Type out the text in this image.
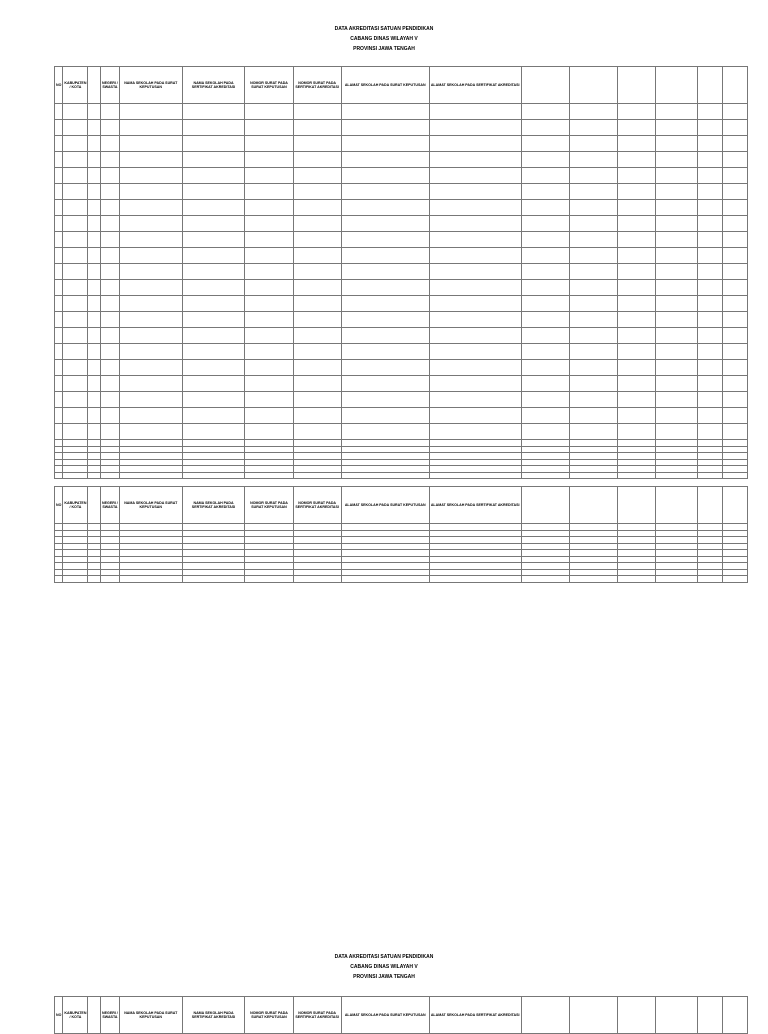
DATA AKREDITASI SATUAN PENDIDIKAN
CABANG DINAS WILAYAH V
PROVINSI JAWA TENGAH
NO	KABUPATEN / KOTA		NEGERI / SWASTA	NAMA SEKOLAH PADA SURAT KEPUTUSAN	NAMA SEKOLAH PADA SERTIFIKAT AKREDITASI	NOMOR SURAT PADA SURAT KEPUTUSAN	NOMOR SURAT PADA SERTIFIKAT AKREDITASI	ALAMAT SEKOLAH PADA SURAT KEPUTUSAN	ALAMAT SEKOLAH PADA SERTIFIKAT AKREDITASI						

NO	KABUPATEN / KOTA		NEGERI / SWASTA	NAMA SEKOLAH PADA SURAT KEPUTUSAN	NAMA SEKOLAH PADA SERTIFIKAT AKREDITASI	NOMOR SURAT PADA SURAT KEPUTUSAN	NOMOR SURAT PADA SERTIFIKAT AKREDITASI	ALAMAT SEKOLAH PADA SURAT KEPUTUSAN	ALAMAT SEKOLAH PADA SERTIFIKAT AKREDITASI						

DATA AKREDITASI SATUAN PENDIDIKAN
CABANG DINAS WILAYAH V
PROVINSI JAWA TENGAH
NO	KABUPATEN / KOTA		NEGERI / SWASTA	NAMA SEKOLAH PADA SURAT KEPUTUSAN	NAMA SEKOLAH PADA SERTIFIKAT AKREDITASI	NOMOR SURAT PADA SURAT KEPUTUSAN	NOMOR SURAT PADA SERTIFIKAT AKREDITASI	ALAMAT SEKOLAH PADA SURAT KEPUTUSAN	ALAMAT SEKOLAH PADA SERTIFIKAT AKREDITASI						
